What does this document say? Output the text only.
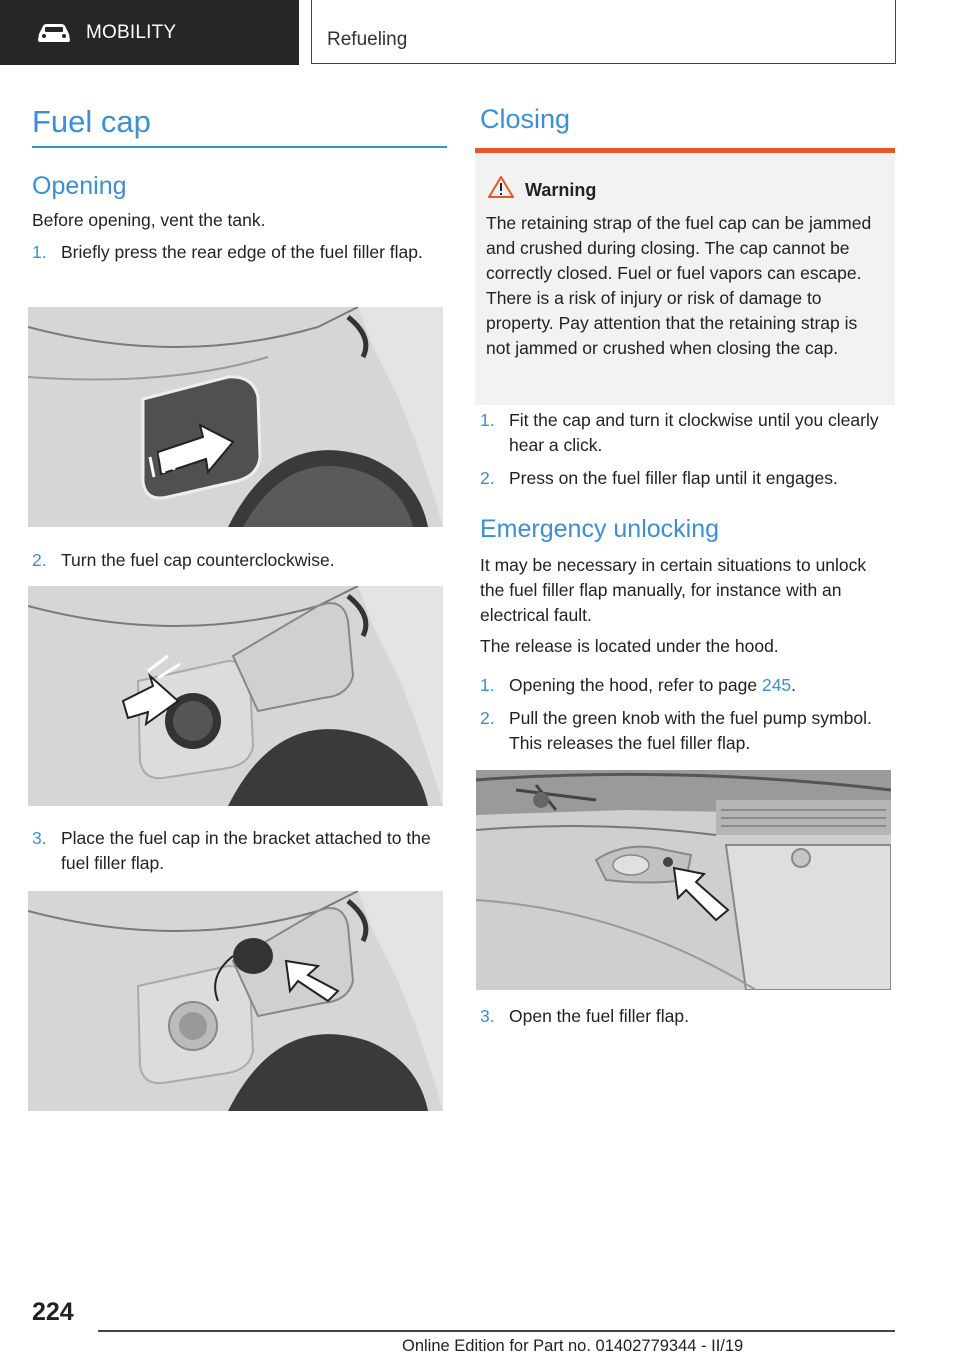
MOBILITY	Refueling
Fuel cap
Opening
Before opening, vent the tank.
1. Briefly press the rear edge of the fuel filler flap.
2. Turn the fuel cap counterclockwise.
3. Place the fuel cap in the bracket attached to the fuel filler flap.
Closing
Warning
The retaining strap of the fuel cap can be jammed and crushed during closing. The cap cannot be correctly closed. Fuel or fuel vapors can escape. There is a risk of injury or risk of damage to property. Pay attention that the retaining strap is not jammed or crushed when closing the cap.
1. Fit the cap and turn it clockwise until you clearly hear a click.
2. Press on the fuel filler flap until it engages.
Emergency unlocking
It may be necessary in certain situations to unlock the fuel filler flap manually, for instance with an electrical fault.
The release is located under the hood.
1. Opening the hood, refer to page 245.
2. Pull the green knob with the fuel pump symbol. This releases the fuel filler flap.
3. Open the fuel filler flap.
224
Online Edition for Part no. 01402779344 - II/19
